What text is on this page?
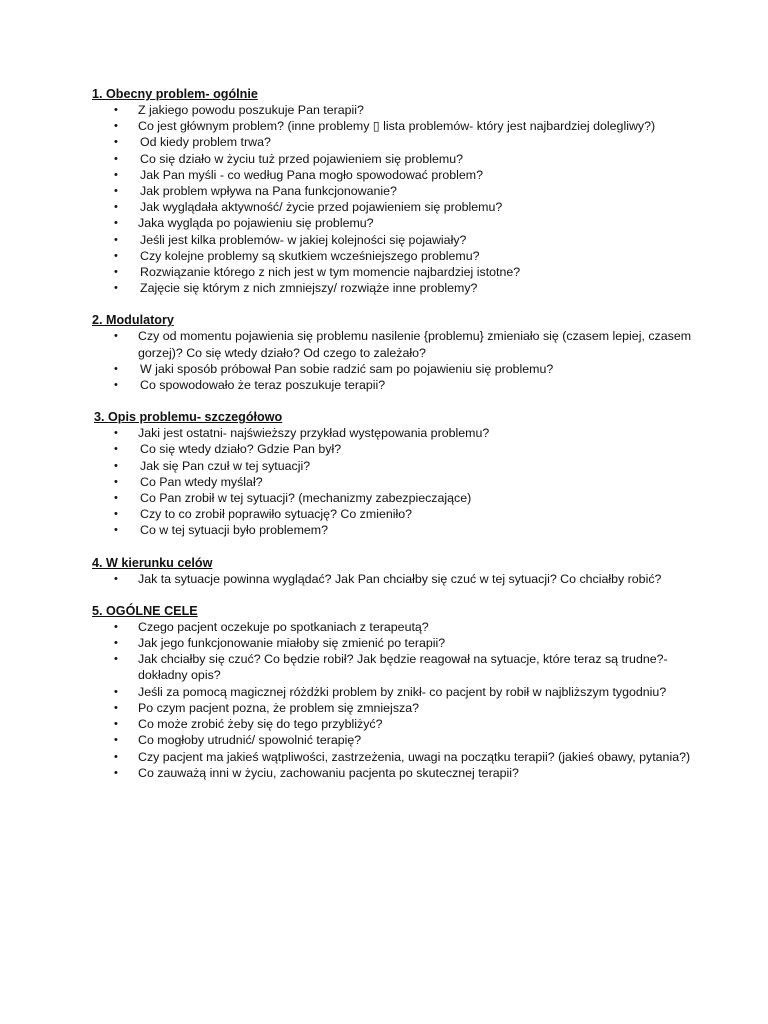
1. Obecny problem- ogólnie

• Z jakiego powodu poszukuje Pan terapii?
• Co jest głównym problem? (inne problemy ▯ lista problemów- który jest najbardziej dolegliwy?)
• Od kiedy problem trwa?
• Co się działo w życiu tuż przed pojawieniem się problemu?
• Jak Pan myśli - co według Pana mogło spowodować problem?
• Jak problem wpływa na Pana funkcjonowanie?
• Jak wyglądała aktywność/ życie przed pojawieniem się problemu?
• Jaka wygląda po pojawieniu się problemu?
• Jeśli jest kilka problemów- w jakiej kolejności się pojawiały?
• Czy kolejne problemy są skutkiem wcześniejszego problemu?
• Rozwiązanie którego z nich jest w tym momencie najbardziej istotne?
• Zajęcie się którym z nich zmniejszy/ rozwiąże inne problemy?

2. Modulatory

• Czy od momentu pojawienia się problemu nasilenie {problemu} zmieniało się (czasem lepiej, czasem gorzej)? Co się wtedy działo? Od czego to zależało?
• W jaki sposób próbował Pan sobie radzić sam po pojawieniu się problemu?
• Co spowodowało że teraz poszukuje terapii?

3. Opis problemu- szczegółowo

• Jaki jest ostatni- najświeższy przykład występowania problemu?
• Co się wtedy działo? Gdzie Pan był?
• Jak się Pan czuł w tej sytuacji?
• Co Pan wtedy myślał?
• Co Pan zrobił w tej sytuacji? (mechanizmy zabezpieczające)
• Czy to co zrobił poprawiło sytuację? Co zmieniło?
• Co w tej sytuacji było problemem?

4. W kierunku celów

• Jak ta sytuacje powinna wyglądać? Jak Pan chciałby się czuć w tej sytuacji? Co chciałby robić?

5. OGÓLNE CELE

• Czego pacjent oczekuje po spotkaniach z terapeutą?
• Jak jego funkcjonowanie miałoby się zmienić po terapii?
• Jak chciałby się czuć? Co będzie robił? Jak będzie reagował na sytuacje, które teraz są trudne?- dokładny opis?
• Jeśli za pomocą magicznej różdżki problem by znikł- co pacjent by robił w najbliższym tygodniu?
• Po czym pacjent pozna, że problem się zmniejsza?
• Co może zrobić żeby się do tego przybliżyć?
• Co mogłoby utrudnić/ spowolnić terapię?
• Czy pacjent ma jakieś wątpliwości, zastrzeżenia, uwagi na początku terapii? (jakieś obawy, pytania?)
• Co zauważą inni w życiu, zachowaniu pacjenta po skutecznej terapii?
